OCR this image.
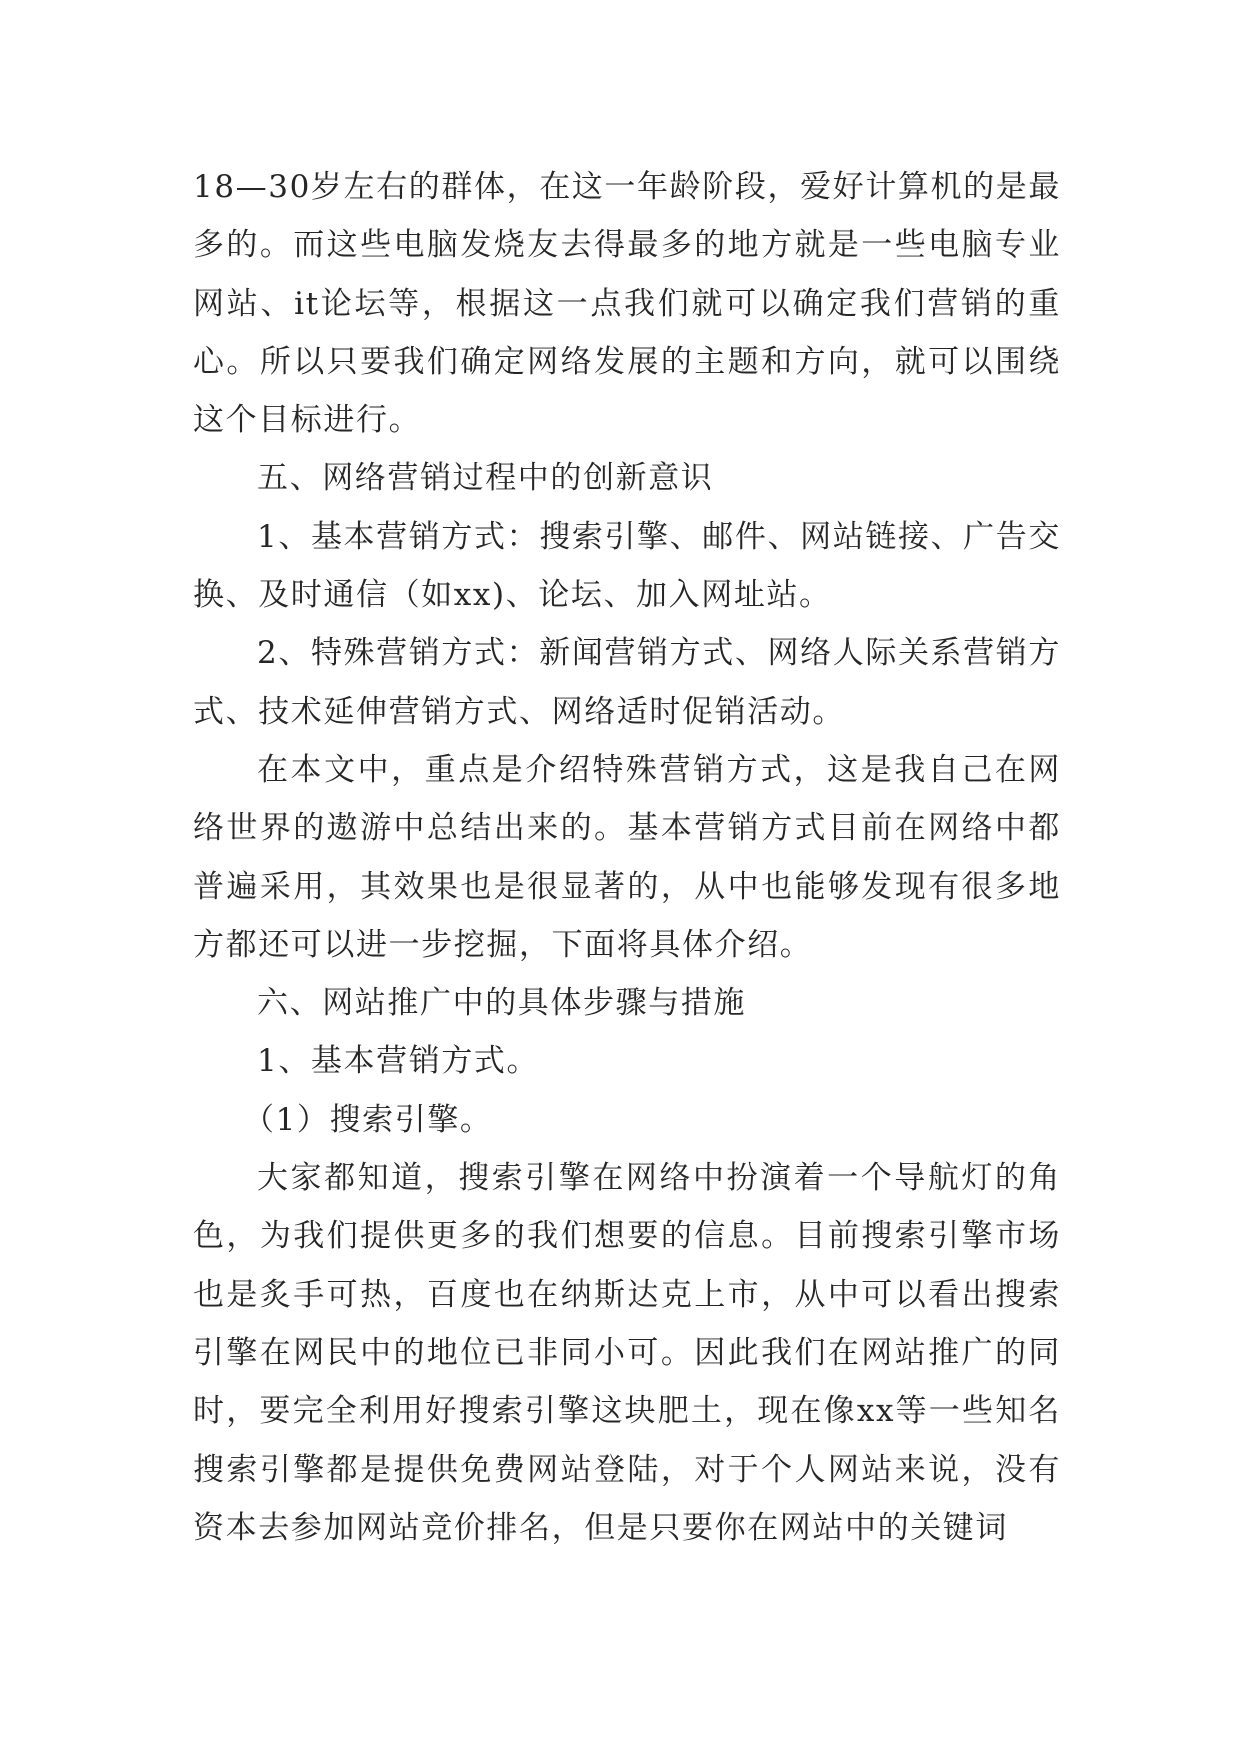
18—30岁左右的群体，在这一年龄阶段，爱好计算机的是最多的。而这些电脑发烧友去得最多的地方就是一些电脑专业网站、it论坛等，根据这一点我们就可以确定我们营销的重心。所以只要我们确定网络发展的主题和方向，就可以围绕这个目标进行。

五、网络营销过程中的创新意识

1、基本营销方式：搜索引擎、邮件、网站链接、广告交换、及时通信（如xx)、论坛、加入网址站。

2、特殊营销方式：新闻营销方式、网络人际关系营销方式、技术延伸营销方式、网络适时促销活动。

在本文中，重点是介绍特殊营销方式，这是我自己在网络世界的遨游中总结出来的。基本营销方式目前在网络中都普遍采用，其效果也是很显著的，从中也能够发现有很多地方都还可以进一步挖掘，下面将具体介绍。

六、网站推广中的具体步骤与措施

1、基本营销方式。

（1）搜索引擎。

大家都知道，搜索引擎在网络中扮演着一个导航灯的角色，为我们提供更多的我们想要的信息。目前搜索引擎市场也是炙手可热，百度也在纳斯达克上市，从中可以看出搜索引擎在网民中的地位已非同小可。因此我们在网站推广的同时，要完全利用好搜索引擎这块肥土，现在像xx等一些知名搜索引擎都是提供免费网站登陆，对于个人网站来说，没有资本去参加网站竞价排名，但是只要你在网站中的关键词
